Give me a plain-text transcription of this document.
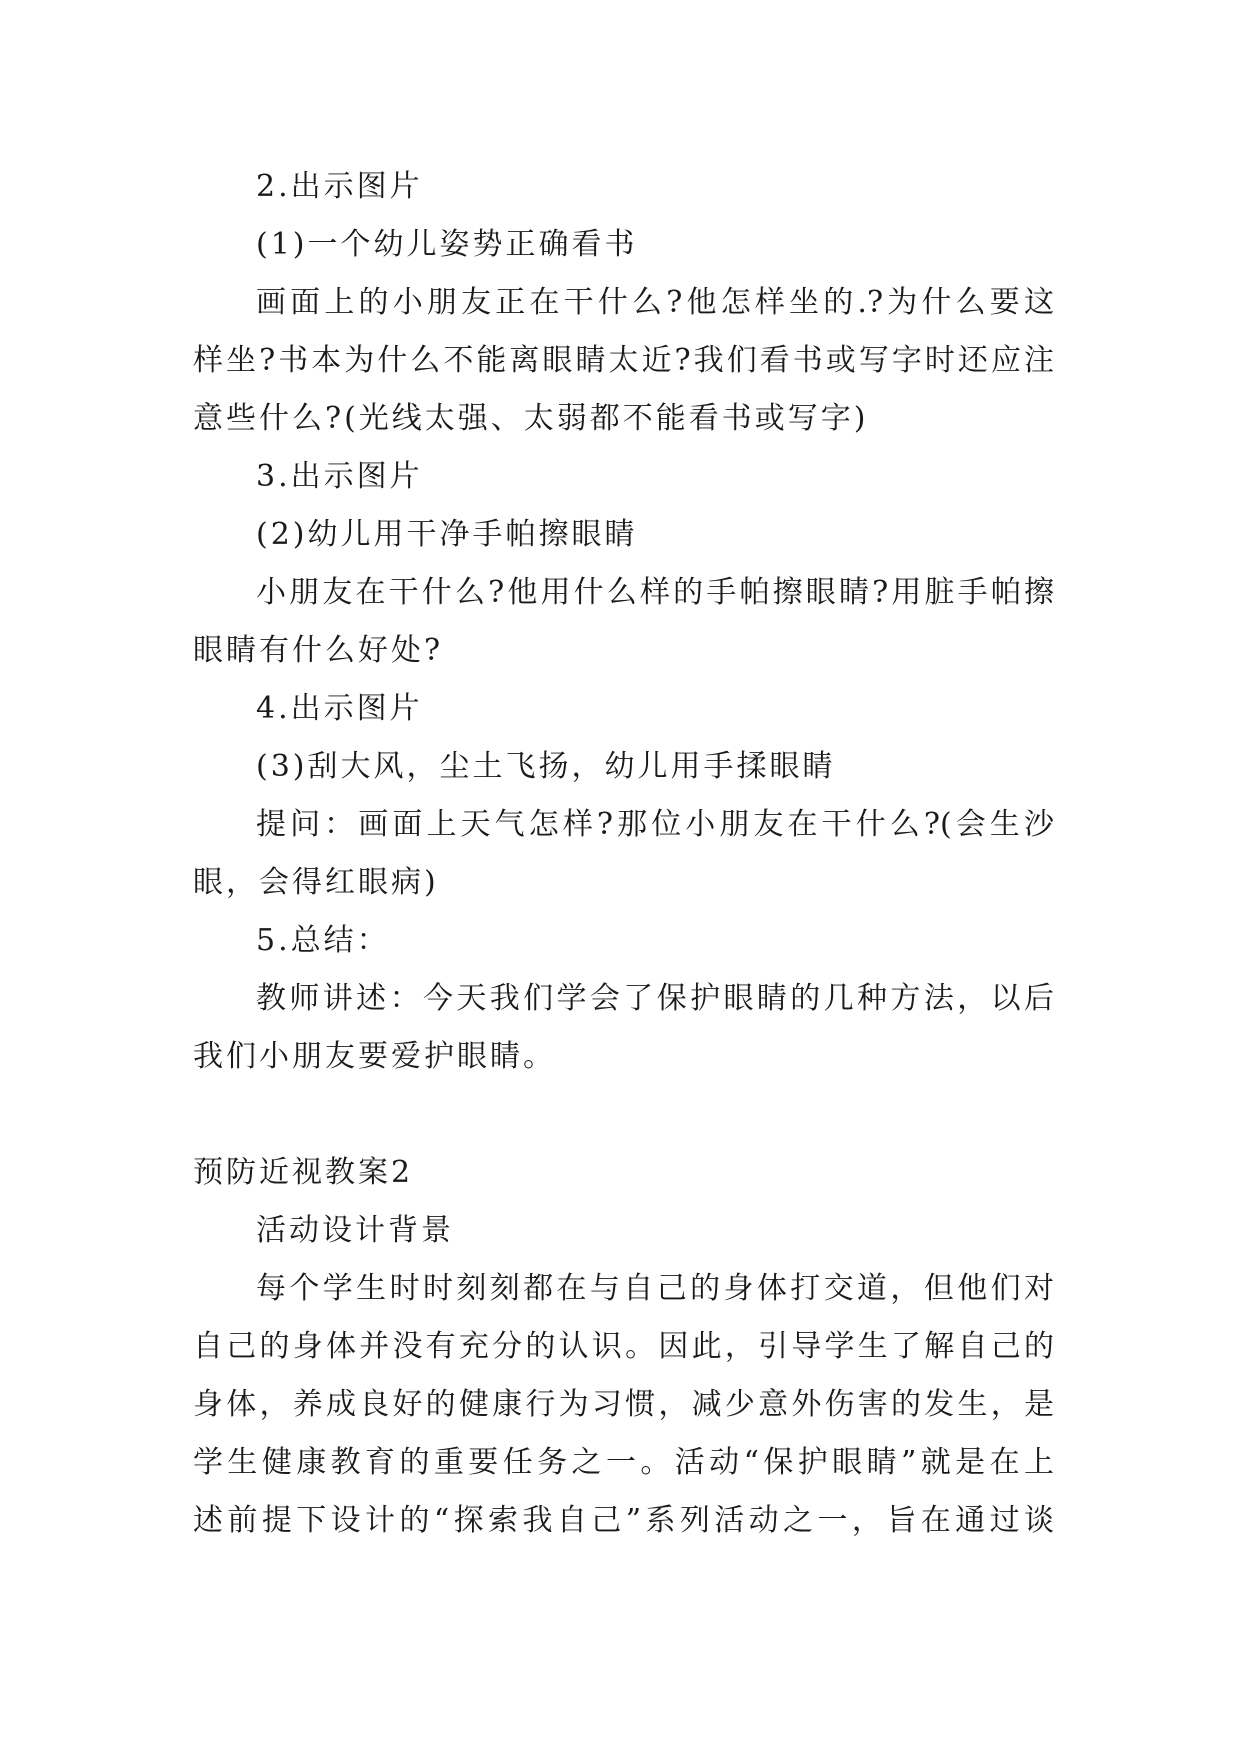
2.出示图片
(1)一个幼儿姿势正确看书
画面上的小朋友正在干什么?他怎样坐的.?为什么要这
样坐?书本为什么不能离眼睛太近?我们看书或写字时还应注
意些什么?(光线太强、太弱都不能看书或写字)
3.出示图片
(2)幼儿用干净手帕擦眼睛
小朋友在干什么?他用什么样的手帕擦眼睛?用脏手帕擦
眼睛有什么好处?
4.出示图片
(3)刮大风，尘土飞扬，幼儿用手揉眼睛
提问：画面上天气怎样?那位小朋友在干什么?(会生沙
眼，会得红眼病)
5.总结：
教师讲述：今天我们学会了保护眼睛的几种方法，以后
我们小朋友要爱护眼睛。
预防近视教案2
活动设计背景
每个学生时时刻刻都在与自己的身体打交道，但他们对
自己的身体并没有充分的认识。因此，引导学生了解自己的
身体，养成良好的健康行为习惯，减少意外伤害的发生，是
学生健康教育的重要任务之一。活动“保护眼睛”就是在上
述前提下设计的“探索我自己”系列活动之一，旨在通过谈
